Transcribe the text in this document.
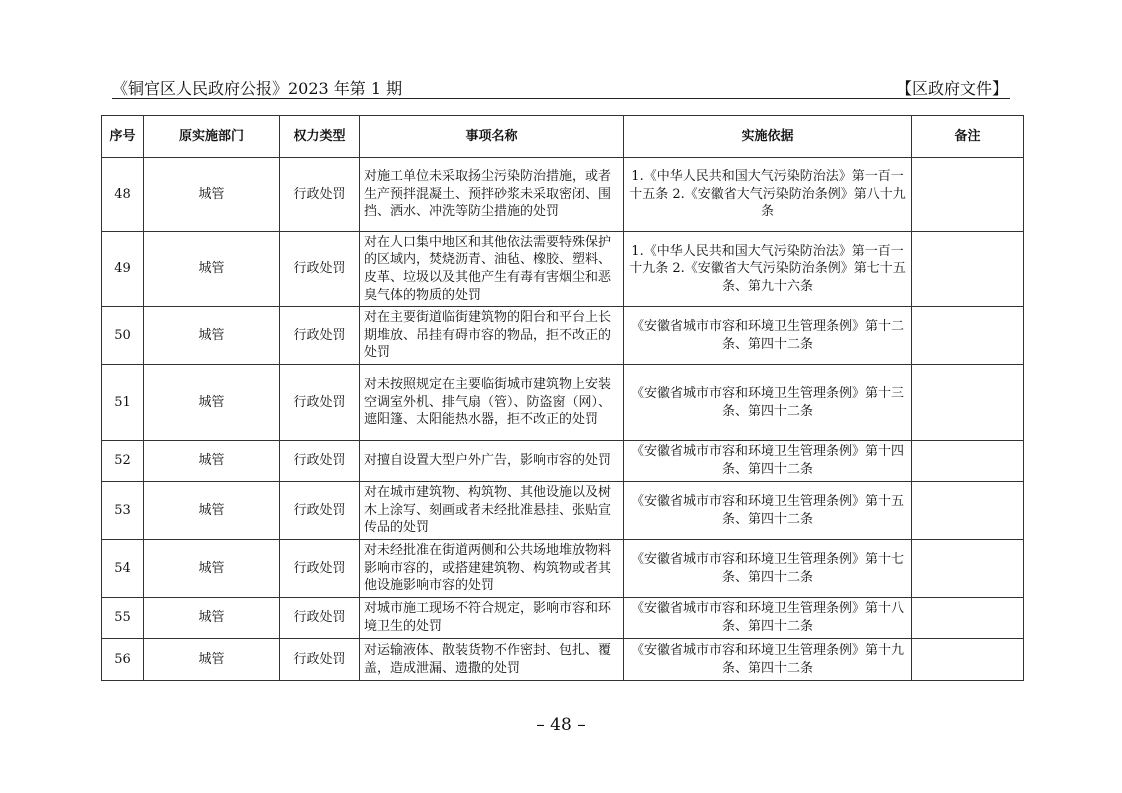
《铜官区人民政府公报》2023 年第 1 期	【区政府文件】
序号	原实施部门	权力类型	事项名称	实施依据	备注
48	城管	行政处罚	对施工单位未采取扬尘污染防治措施，或者生产预拌混凝土、预拌砂浆未采取密闭、围挡、洒水、冲洗等防尘措施的处罚	1.《中华人民共和国大气污染防治法》第一百一十五条 2.《安徽省大气污染防治条例》第八十九条	
49	城管	行政处罚	对在人口集中地区和其他依法需要特殊保护的区域内，焚烧沥青、油毡、橡胶、塑料、皮革、垃圾以及其他产生有毒有害烟尘和恶臭气体的物质的处罚	1.《中华人民共和国大气污染防治法》第一百一十九条 2.《安徽省大气污染防治条例》第七十五条、第九十六条	
50	城管	行政处罚	对在主要街道临街建筑物的阳台和平台上长期堆放、吊挂有碍市容的物品，拒不改正的处罚	《安徽省城市市容和环境卫生管理条例》第十二条、第四十二条	
51	城管	行政处罚	对未按照规定在主要临街城市建筑物上安装空调室外机、排气扇（管）、防盗窗（网）、遮阳篷、太阳能热水器，拒不改正的处罚	《安徽省城市市容和环境卫生管理条例》第十三条、第四十二条	
52	城管	行政处罚	对擅自设置大型户外广告，影响市容的处罚	《安徽省城市市容和环境卫生管理条例》第十四条、第四十二条	
53	城管	行政处罚	对在城市建筑物、构筑物、其他设施以及树木上涂写、刻画或者未经批准悬挂、张贴宣传品的处罚	《安徽省城市市容和环境卫生管理条例》第十五条、第四十二条	
54	城管	行政处罚	对未经批准在街道两侧和公共场地堆放物料影响市容的，或搭建建筑物、构筑物或者其他设施影响市容的处罚	《安徽省城市市容和环境卫生管理条例》第十七条、第四十二条	
55	城管	行政处罚	对城市施工现场不符合规定，影响市容和环境卫生的处罚	《安徽省城市市容和环境卫生管理条例》第十八条、第四十二条	
56	城管	行政处罚	对运输液体、散装货物不作密封、包扎、覆盖，造成泄漏、遗撒的处罚	《安徽省城市市容和环境卫生管理条例》第十九条、第四十二条	
– 48 –
